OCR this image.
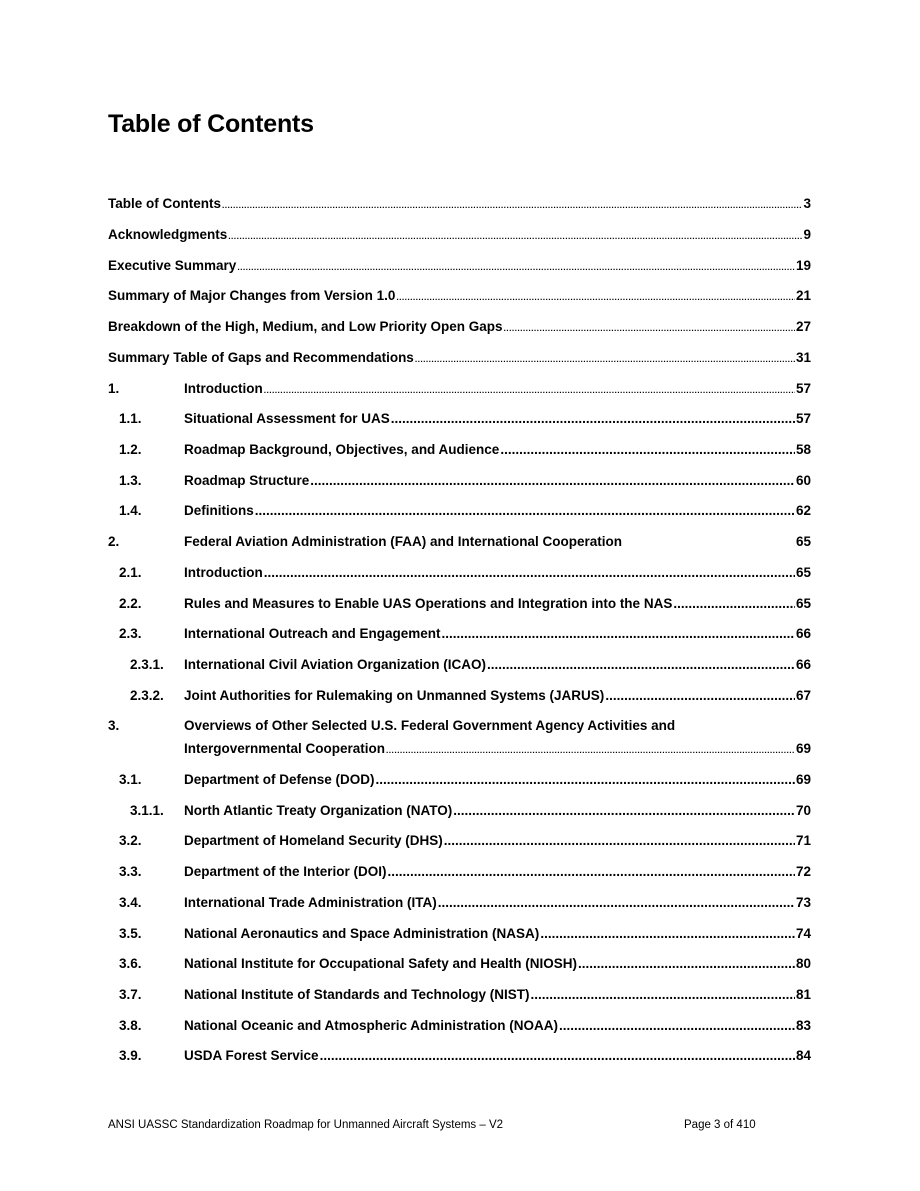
Table of Contents
Table of Contents .....	3
Acknowledgments .....	9
Executive Summary .....	19
Summary of Major Changes from Version 1.0 .....	21
Breakdown of the High, Medium, and Low Priority Open Gaps .....	27
Summary Table of Gaps and Recommendations .....	31
1.	Introduction .....	57
1.1.	Situational Assessment for UAS .....	57
1.2.	Roadmap Background, Objectives, and Audience .....	58
1.3.	Roadmap Structure .....	60
1.4.	Definitions .....	62
2.	Federal Aviation Administration (FAA) and International Cooperation	65
2.1.	Introduction .....	65
2.2.	Rules and Measures to Enable UAS Operations and Integration into the NAS .....	65
2.3.	International Outreach and Engagement .....	66
2.3.1.	International Civil Aviation Organization (ICAO) .....	66
2.3.2.	Joint Authorities for Rulemaking on Unmanned Systems (JARUS) .....	67
3.	Overviews of Other Selected U.S. Federal Government Agency Activities and
Intergovernmental Cooperation .....	69
3.1.	Department of Defense (DOD) .....	69
3.1.1.	North Atlantic Treaty Organization (NATO) .....	70
3.2.	Department of Homeland Security (DHS) .....	71
3.3.	Department of the Interior (DOI) .....	72
3.4.	International Trade Administration (ITA) .....	73
3.5.	National Aeronautics and Space Administration (NASA) .....	74
3.6.	National Institute for Occupational Safety and Health (NIOSH) .....	80
3.7.	National Institute of Standards and Technology (NIST) .....	81
3.8.	National Oceanic and Atmospheric Administration (NOAA) .....	83
3.9.	USDA Forest Service .....	84
ANSI UASSC Standardization Roadmap for Unmanned Aircraft Systems – V2	Page 3 of 410
